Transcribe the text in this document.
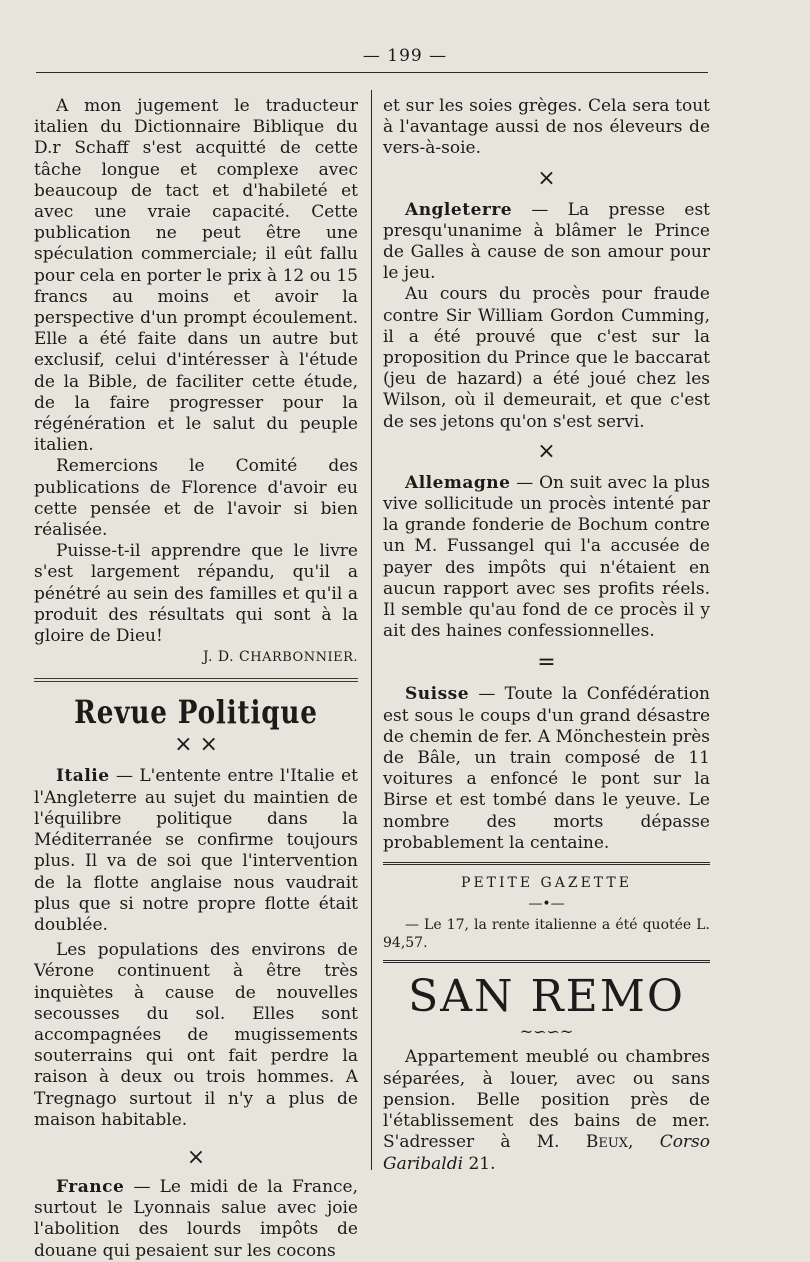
— 199 —

A mon jugement le traducteur italien du Dictionnaire Biblique du D.r Schaff s'est acquitté de cette tâche longue et complexe avec beaucoup de tact et d'habileté et avec une vraie capacité. Cette publication ne peut être une spéculation commerciale; il eût fallu pour cela en porter le prix à 12 ou 15 francs au moins et avoir la perspective d'un prompt écoulement. Elle a été faite dans un autre but exclusif, celui d'intéresser à l'étude de la Bible, de faciliter cette étude, de la faire progresser pour la régénération et le salut du peuple italien.

Remercions le Comité des publications de Florence d'avoir eu cette pensée et de l'avoir si bien réalisée.

Puisse-t-il apprendre que le livre s'est largement répandu, qu'il a pénétré au sein des familles et qu'il a produit des résultats qui sont à la gloire de Dieu!

J. D. CHARBONNIER.

Revue Politique
× ×

Italie — L'entente entre l'Italie et l'Angleterre au sujet du maintien de l'équilibre politique dans la Méditerranée se confirme toujours plus. Il va de soi que l'intervention de la flotte anglaise nous vaudrait plus que si notre propre flotte était doublée.

Les populations des environs de Vérone continuent à être très inquiètes à cause de nouvelles secousses du sol. Elles sont accompagnées de mugissements souterrains qui ont fait perdre la raison à deux ou trois hommes. A Tregnago surtout il n'y a plus de maison habitable.

×

France — Le midi de la France, surtout le Lyonnais salue avec joie l'abolition des lourds impôts de douane qui pesaient sur les cocons

et sur les soies grèges. Cela sera tout à l'avantage aussi de nos éleveurs de vers-à-soie.

×

Angleterre — La presse est presqu'unanime à blâmer le Prince de Galles à cause de son amour pour le jeu.

Au cours du procès pour fraude contre Sir William Gordon Cumming, il a été prouvé que c'est sur la proposition du Prince que le baccarat (jeu de hazard) a été joué chez les Wilson, où il demeurait, et que c'est de ses jetons qu'on s'est servi.

×

Allemagne — On suit avec la plus vive sollicitude un procès intenté par la grande fonderie de Bochum contre un M. Fussangel qui l'a accusée de payer des impôts qui n'étaient en aucun rapport avec ses profits réels. Il semble qu'au fond de ce procès il y ait des haines confessionnelles.

=

Suisse — Toute la Confédération est sous le coups d'un grand désastre de chemin de fer. A Mönchestein près de Bâle, un train composé de 11 voitures a enfoncé le pont sur la Birse et est tombé dans le yeuve. Le nombre des morts dépasse probablement la centaine.

PETITE GAZETTE
—•—

— Le 17, la rente italienne a été quotée L. 94,57.

SAN REMO
~∽∽~

Appartement meublé ou chambres séparées, à louer, avec ou sans pension. Belle position près de l'établissement des bains de mer. S'adresser à M. BEUX, Corso Garibaldi 21.
